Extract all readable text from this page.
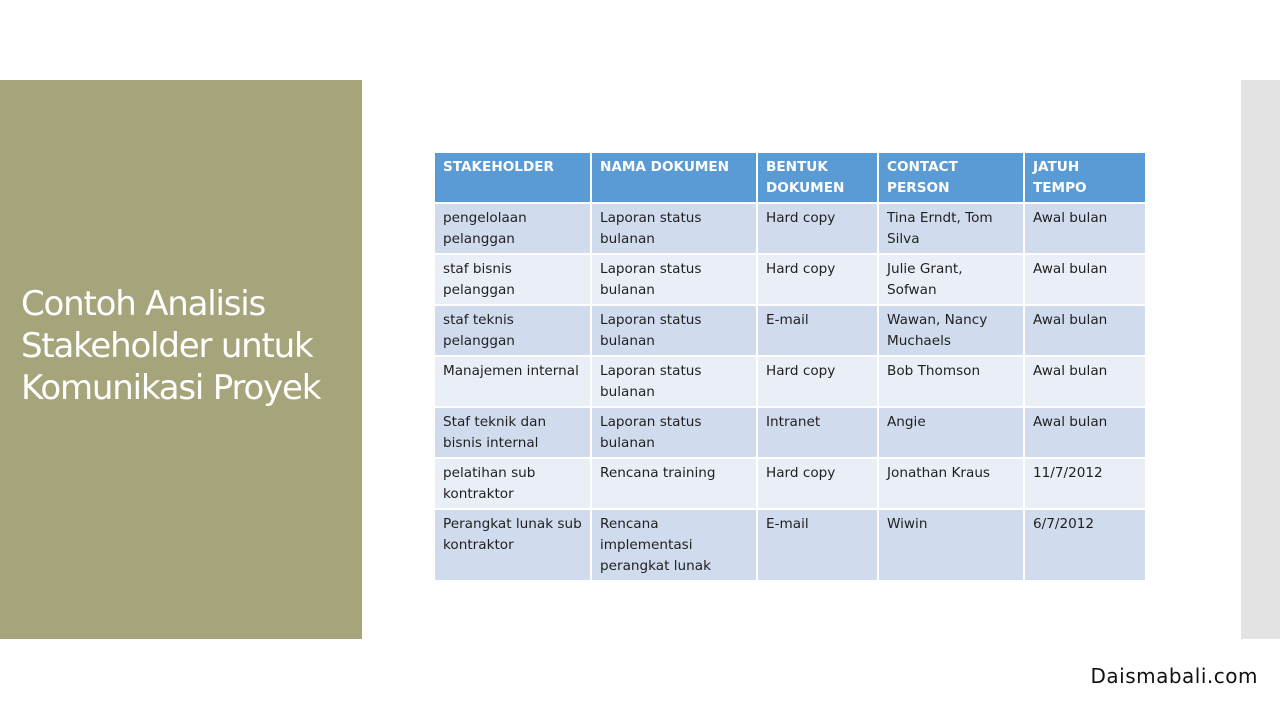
Contoh Analisis
Stakeholder untuk
Komunikasi Proyek
STAKEHOLDER	NAMA DOKUMEN	BENTUK DOKUMEN	CONTACT PERSON	JATUH TEMPO
pengelolaan pelanggan	Laporan status bulanan	Hard copy	Tina Erndt, Tom Silva	Awal bulan
staf bisnis pelanggan	Laporan status bulanan	Hard copy	Julie Grant, Sofwan	Awal bulan
staf teknis pelanggan	Laporan status bulanan	E-mail	Wawan, Nancy Muchaels	Awal bulan
Manajemen internal	Laporan status bulanan	Hard copy	Bob Thomson	Awal bulan
Staf teknik dan bisnis internal	Laporan status bulanan	Intranet	Angie	Awal bulan
pelatihan sub kontraktor	Rencana training	Hard copy	Jonathan Kraus	11/7/2012
Perangkat lunak sub kontraktor	Rencana implementasi perangkat lunak	E-mail	Wiwin	6/7/2012
Daismabali.com
